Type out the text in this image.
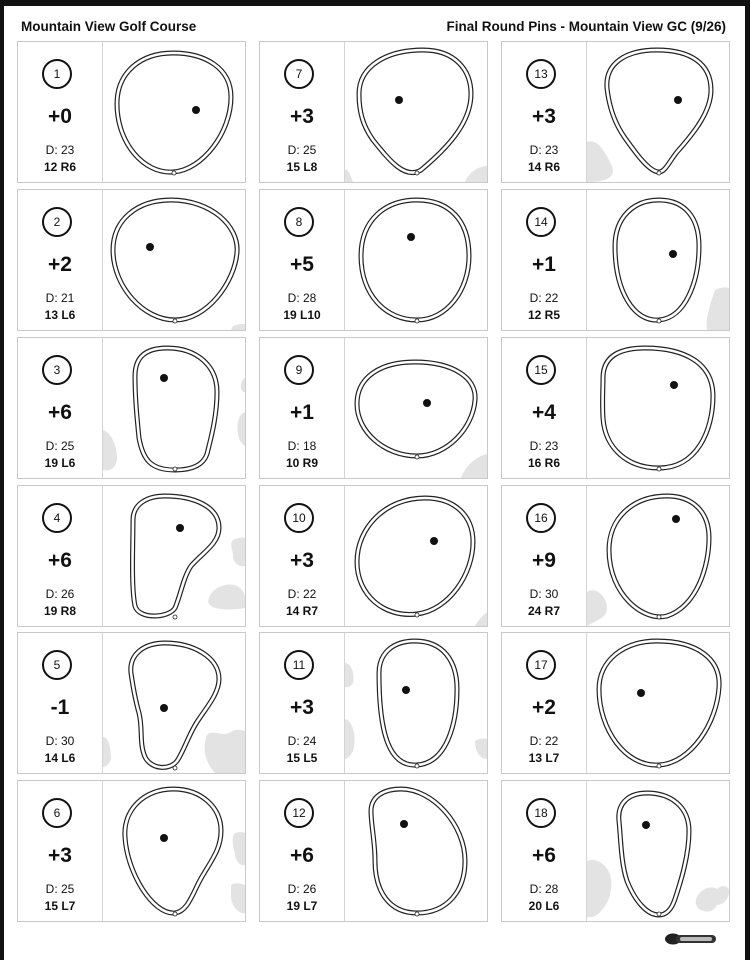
Mountain View Golf Course	Final Round Pins - Mountain View GC (9/26)
1
+0
D: 23
12 R6
7
+3
D: 25
15 L8
13
+3
D: 23
14 R6
2
+2
D: 21
13 L6
8
+5
D: 28
19 L10
14
+1
D: 22
12 R5
3
+6
D: 25
19 L6
9
+1
D: 18
10 R9
15
+4
D: 23
16 R6
4
+6
D: 26
19 R8
10
+3
D: 22
14 R7
16
+9
D: 30
24 R7
5
-1
D: 30
14 L6
11
+3
D: 24
15 L5
17
+2
D: 22
13 L7
6
+3
D: 25
15 L7
12
+6
D: 26
19 L7
18
+6
D: 28
20 L6
